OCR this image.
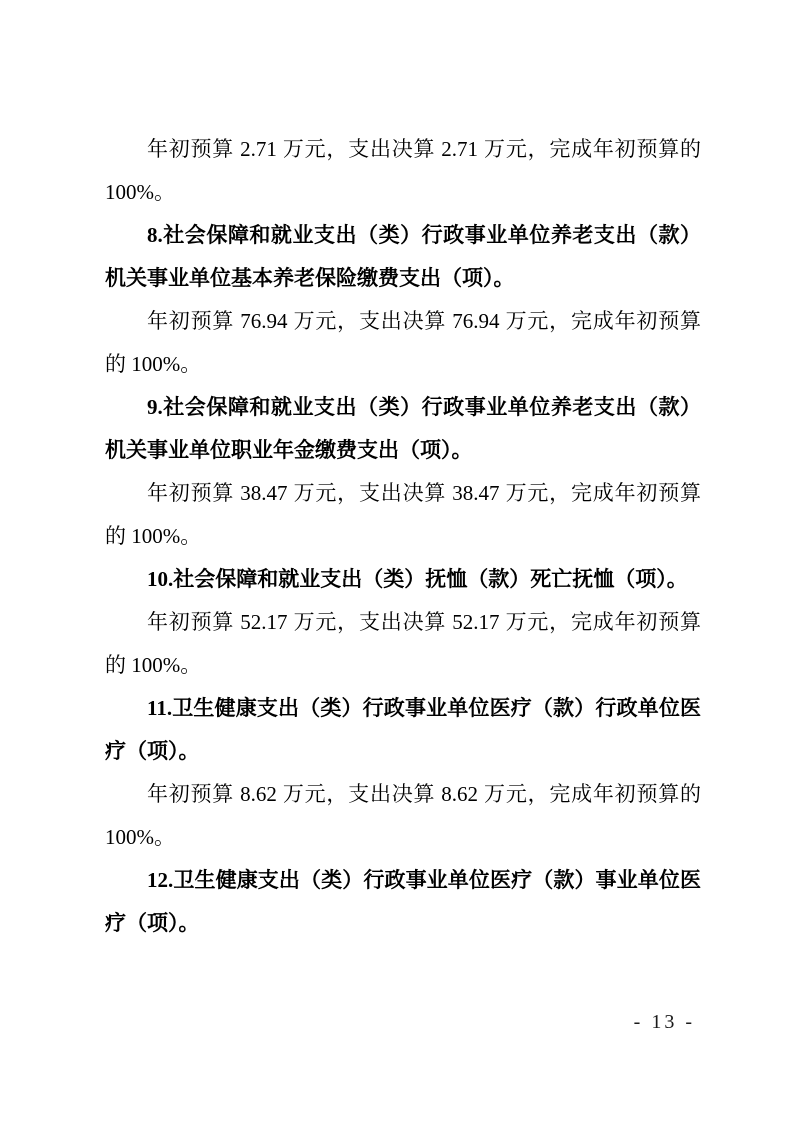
年初预算 2.71 万元，支出决算 2.71 万元，完成年初预算的 100%。

8.社会保障和就业支出（类）行政事业单位养老支出（款）机关事业单位基本养老保险缴费支出（项）。

年初预算 76.94 万元，支出决算 76.94 万元，完成年初预算的 100%。

9.社会保障和就业支出（类）行政事业单位养老支出（款）机关事业单位职业年金缴费支出（项）。

年初预算 38.47 万元，支出决算 38.47 万元，完成年初预算的 100%。

10.社会保障和就业支出（类）抚恤（款）死亡抚恤（项）。

年初预算 52.17 万元，支出决算 52.17 万元，完成年初预算的 100%。

11.卫生健康支出（类）行政事业单位医疗（款）行政单位医疗（项）。

年初预算 8.62 万元，支出决算 8.62 万元，完成年初预算的 100%。

12.卫生健康支出（类）行政事业单位医疗（款）事业单位医疗（项）。

- 13 -
